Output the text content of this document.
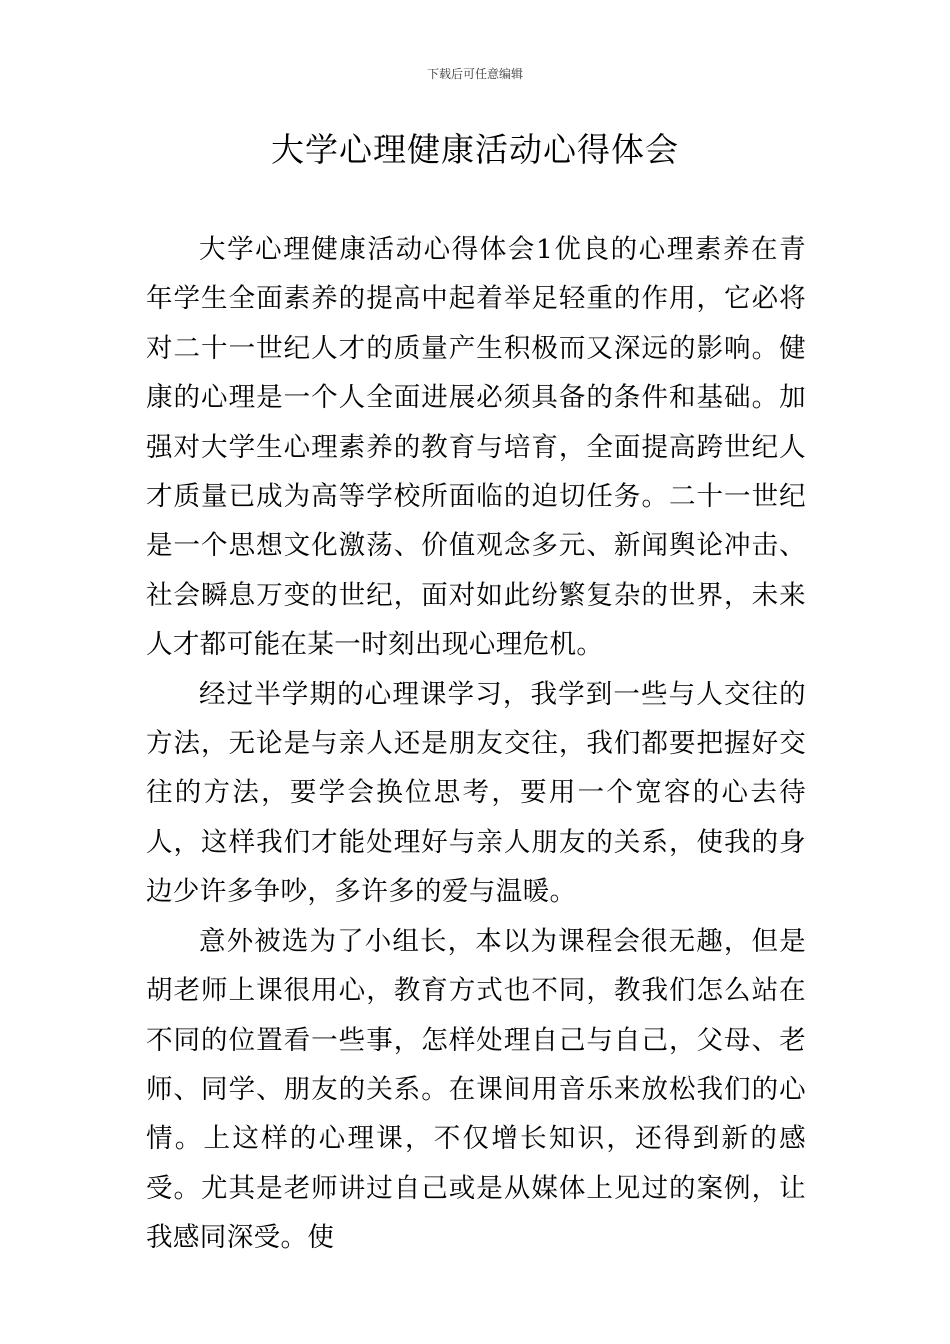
下载后可任意编辑
大学心理健康活动心得体会

大学心理健康活动心得体会1优良的心理素养在青年学生全面素养的提高中起着举足轻重的作用，它必将对二十一世纪人才的质量产生积极而又深远的影响。健康的心理是一个人全面进展必须具备的条件和基础。加强对大学生心理素养的教育与培育，全面提高跨世纪人才质量已成为高等学校所面临的迫切任务。二十一世纪是一个思想文化激荡、价值观念多元、新闻舆论冲击、社会瞬息万变的世纪，面对如此纷繁复杂的世界，未来人才都可能在某一时刻出现心理危机。

经过半学期的心理课学习，我学到一些与人交往的方法，无论是与亲人还是朋友交往，我们都要把握好交往的方法，要学会换位思考，要用一个宽容的心去待人，这样我们才能处理好与亲人朋友的关系，使我的身边少许多争吵，多许多的爱与温暖。

意外被选为了小组长，本以为课程会很无趣，但是胡老师上课很用心，教育方式也不同，教我们怎么站在不同的位置看一些事，怎样处理自己与自己，父母、老师、同学、朋友的关系。在课间用音乐来放松我们的心情。上这样的心理课，不仅增长知识，还得到新的感受。尤其是老师讲过自己或是从媒体上见过的案例，让我感同深受。使
